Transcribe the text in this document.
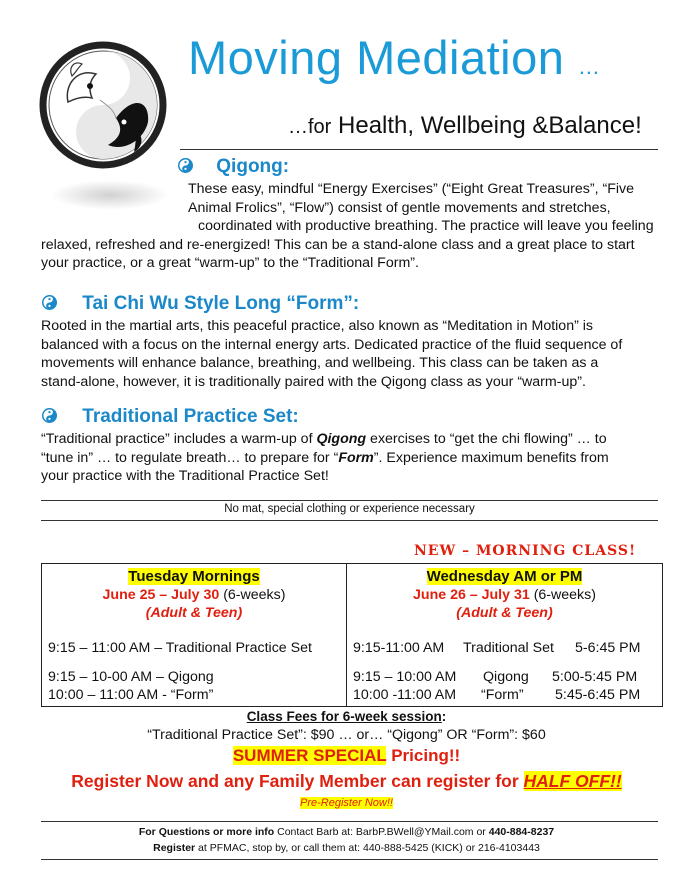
Moving Mediation …
…for Health, Wellbeing &Balance!
Qigong:
These easy, mindful “Energy Exercises” (“Eight Great Treasures”, “Five
Animal Frolics”, “Flow”) consist of gentle movements and stretches,
coordinated with productive breathing. The practice will leave you feeling
relaxed, refreshed and re-energized! This can be a stand-alone class and a great place to start
your practice, or a great “warm-up” to the “Traditional Form”.
Tai Chi Wu Style Long “Form”:
Rooted in the martial arts, this peaceful practice, also known as “Meditation in Motion” is
balanced with a focus on the internal energy arts. Dedicated practice of the fluid sequence of
movements will enhance balance, breathing, and wellbeing. This class can be taken as a
stand-alone, however, it is traditionally paired with the Qigong class as your “warm-up”.
Traditional Practice Set:
“Traditional practice” includes a warm-up of Qigong exercises to “get the chi flowing” … to
“tune in” … to regulate breath… to prepare for “Form”. Experience maximum benefits from
your practice with the Traditional Practice Set!
No mat, special clothing or experience necessary
NEW – MORNING CLASS!
Tuesday Mornings
June 25 – July 30 (6-weeks)
(Adult & Teen)
9:15 – 11:00 AM – Traditional Practice Set
9:15 – 10-00 AM – Qigong
10:00 – 11:00 AM - “Form”
Wednesday AM or PM
June 26 – July 31 (6-weeks)
(Adult & Teen)
9:15-11:00 AM Traditional Set 5-6:45 PM
9:15 – 10:00 AM Qigong 5:00-5:45 PM
10:00 -11:00 AM “Form” 5:45-6:45 PM
Class Fees for 6-week session:
“Traditional Practice Set”: $90 … or… “Qigong” OR “Form”: $60
SUMMER SPECIAL Pricing!!
Register Now and any Family Member can register for HALF OFF!!
Pre-Register Now!!
For Questions or more info Contact Barb at: BarbP.BWell@YMail.com or 440-884-8237
Register at PFMAC, stop by, or call them at: 440-888-5425 (KICK) or 216-4103443
